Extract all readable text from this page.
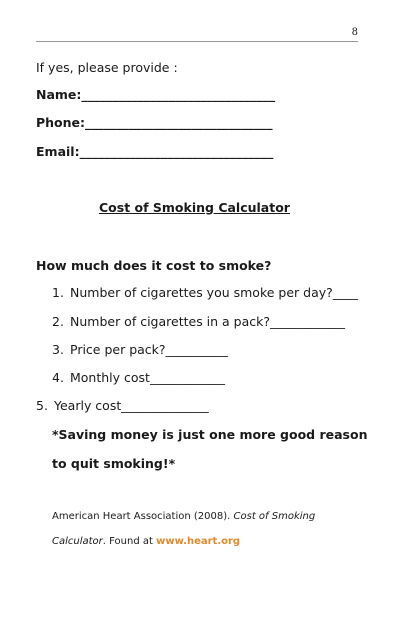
8
If yes, please provide :
Name:_______________________________
Phone:______________________________
Email:_______________________________
Cost of Smoking Calculator
How much does it cost to smoke?
1. Number of cigarettes you smoke per day?____
2. Number of cigarettes in a pack?____________
3. Price per pack?__________
4. Monthly cost____________
5. Yearly cost______________
*Saving money is just one more good reason
to quit smoking!*
American Heart Association (2008). Cost of Smoking
Calculator. Found at www.heart.org
